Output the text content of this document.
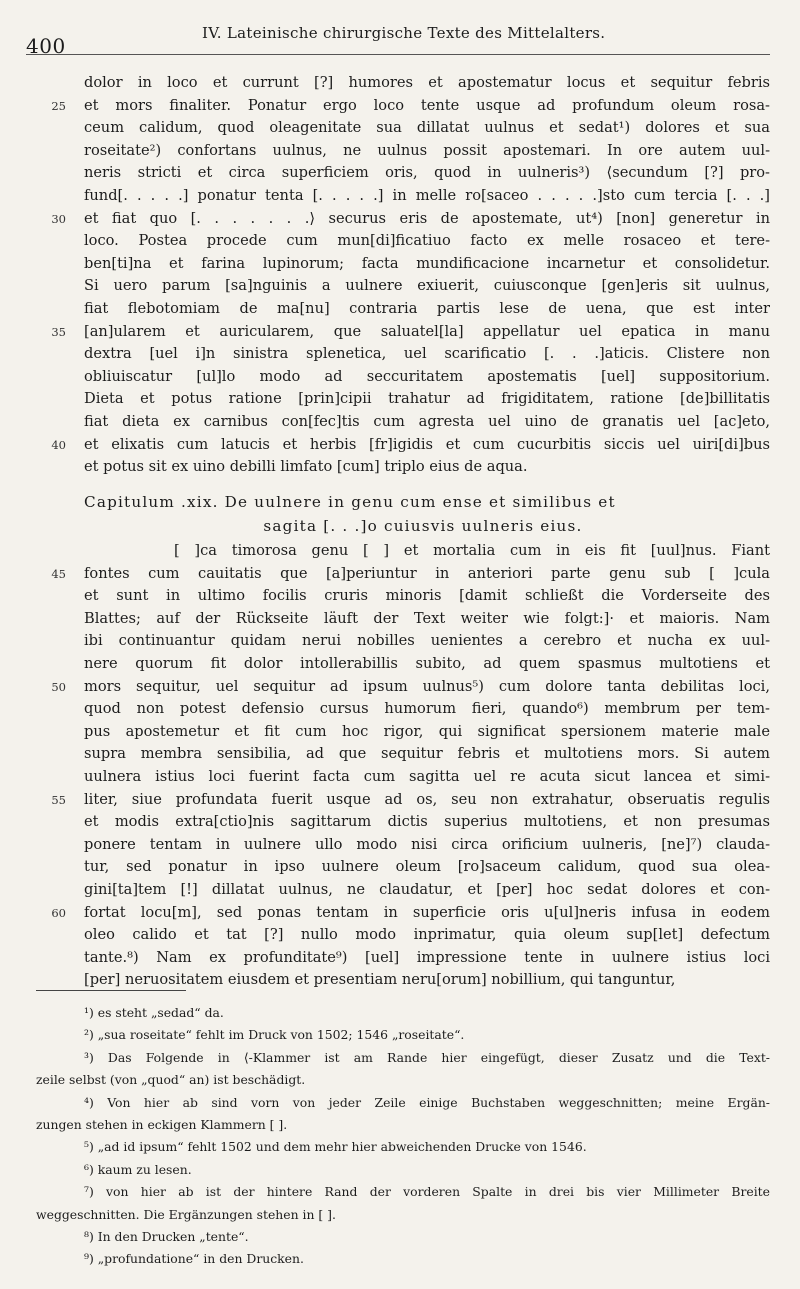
400
IV. Lateinische chirurgische Texte des Mittelalters.
dolor in loco et currunt [?] humores et apostematur locus et sequitur febris
25 et mors finaliter. Ponatur ergo loco tente usque ad profundum oleum rosa-
ceum calidum, quod oleagenitate sua dillatat uulnus et sedat¹) dolores et sua
roseitate²) confortans uulnus, ne uulnus possit apostemari. In ore autem uul-
neris stricti et circa superficiem oris, quod in uulneris³) ⟨secundum [?] pro-
fund[. . . . .] ponatur tenta [. . . . .] in melle ro[saceo . . . . .]sto cum tercia [. . .]
30 et fiat quo [. . . . . . .⟩ securus eris de apostemate, ut⁴) [non] generetur in
loco. Postea procede cum mun[di]ficatiuo facto ex melle rosaceo et tere-
ben[ti]na et farina lupinorum; facta mundificacione incarnetur et consolidetur.
Si uero parum [sa]nguinis a uulnere exiuerit, cuiusconque [gen]eris sit uulnus,
fiat flebotomiam de ma[nu] contraria partis lese de uena, que est inter
35 [an]ularem et auricularem, que saluatel[la] appellatur uel epatica in manu
dextra [uel i]n sinistra splenetica, uel scarificatio [. . .]aticis. Clistere non
obliuiscatur [ul]lo modo ad seccuritatem apostematis [uel] suppositorium.
Dieta et potus ratione [prin]cipii trahatur ad frigiditatem, ratione [de]billitatis
fiat dieta ex carnibus con[fec]tis cum agresta uel uino de granatis uel [ac]eto,
40 et elixatis cum latucis et herbis [fr]igidis et cum cucurbitis siccis uel uiri[di]bus
et potus sit ex uino debilli limfato [cum] triplo eius de aqua.
Capitulum .xix. De uulnere in genu cum ense et similibus et
sagita [. . .]o cuiusvis uulneris eius.
[ ]ca timorosa genu [ ] et mortalia cum in eis fit [uul]nus. Fiant
45 fontes cum cauitatis que [a]periuntur in anteriori parte genu sub [ ]cula
et sunt in ultimo focilis cruris minoris [damit schließt die Vorderseite des
Blattes; auf der Rückseite läuft der Text weiter wie folgt:]· et maioris. Nam
ibi continuantur quidam nerui nobilles uenientes a cerebro et nucha ex uul-
nere quorum fit dolor intollerabillis subito, ad quem spasmus multotiens et
50 mors sequitur, uel sequitur ad ipsum uulnus⁵) cum dolore tanta debilitas loci,
quod non potest defensio cursus humorum fieri, quando⁶) membrum per tem-
pus apostemetur et fit cum hoc rigor, qui significat spersionem materie male
supra membra sensibilia, ad que sequitur febris et multotiens mors. Si autem
uulnera istius loci fuerint facta cum sagitta uel re acuta sicut lancea et simi-
55 liter, siue profundata fuerit usque ad os, seu non extrahatur, obseruatis regulis
et modis extra[ctio]nis sagittarum dictis superius multotiens, et non presumas
ponere tentam in uulnere ullo modo nisi circa orificium uulneris, [ne]⁷) clauda-
tur, sed ponatur in ipso uulnere oleum [ro]saceum calidum, quod sua olea-
gini[ta]tem [!] dillatat uulnus, ne claudatur, et [per] hoc sedat dolores et con-
60 fortat locu[m], sed ponas tentam in superficie oris u[ul]neris infusa in eodem
oleo calido et tat [?] nullo modo inprimatur, quia oleum sup[let] defectum
tante.⁸) Nam ex profunditate⁹) [uel] impressione tente in uulnere istius loci
[per] neruositatem eiusdem et presentiam neru[orum] nobillium, qui tanguntur,
¹) es steht „sedad“ da.
²) „sua roseitate“ fehlt im Druck von 1502; 1546 „roseitate“.
³) Das Folgende in ⟨-Klammer ist am Rande hier eingefügt, dieser Zusatz und die Text-
zeile selbst (von „quod“ an) ist beschädigt.
⁴) Von hier ab sind vorn von jeder Zeile einige Buchstaben weggeschnitten; meine Ergän-
zungen stehen in eckigen Klammern [ ].
⁵) „ad id ipsum“ fehlt 1502 und dem mehr hier abweichenden Drucke von 1546.
⁶) kaum zu lesen.
⁷) von hier ab ist der hintere Rand der vorderen Spalte in drei bis vier Millimeter Breite
weggeschnitten. Die Ergänzungen stehen in [ ].
⁸) In den Drucken „tente“.
⁹) „profundatione“ in den Drucken.
